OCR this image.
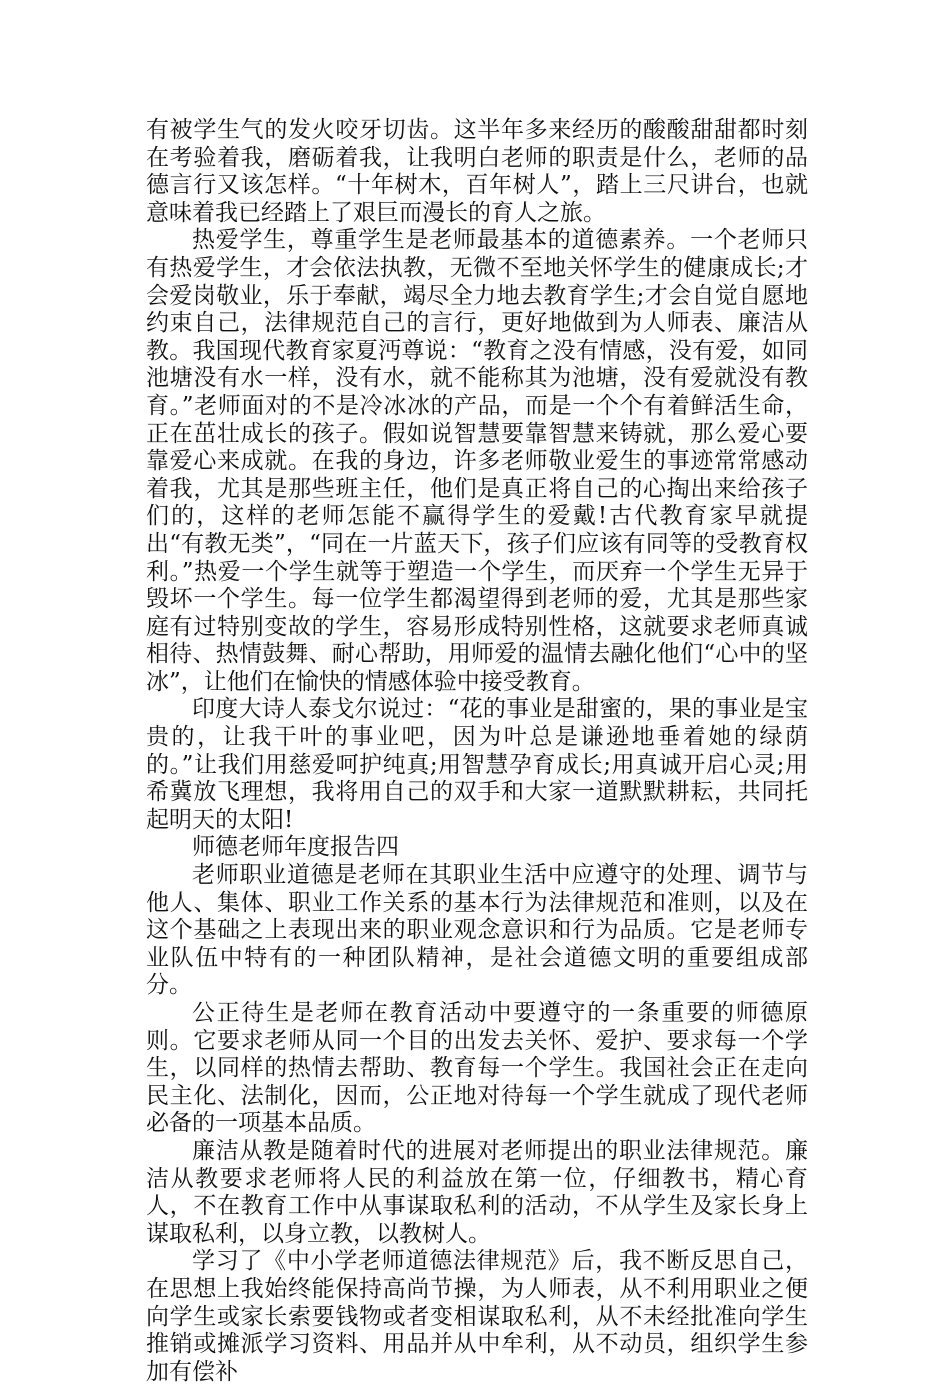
有被学生气的发火咬牙切齿。这半年多来经历的酸酸甜甜都时刻在考验着我，磨砺着我，让我明白老师的职责是什么，老师的品德言行又该怎样。“十年树木，百年树人”，踏上三尺讲台，也就意味着我已经踏上了艰巨而漫长的育人之旅。

热爱学生，尊重学生是老师最基本的道德素养。一个老师只有热爱学生，才会依法执教，无微不至地关怀学生的健康成长;才会爱岗敬业，乐于奉献，竭尽全力地去教育学生;才会自觉自愿地约束自己，法律规范自己的言行，更好地做到为人师表、廉洁从教。我国现代教育家夏沔尊说：“教育之没有情感，没有爱，如同池塘没有水一样，没有水，就不能称其为池塘，没有爱就没有教育。”老师面对的不是冷冰冰的产品，而是一个个有着鲜活生命，正在茁壮成长的孩子。假如说智慧要靠智慧来铸就，那么爱心要靠爱心来成就。在我的身边，许多老师敬业爱生的事迹常常感动着我，尤其是那些班主任，他们是真正将自己的心掏出来给孩子们的，这样的老师怎能不赢得学生的爱戴!古代教育家早就提出“有教无类”，“同在一片蓝天下，孩子们应该有同等的受教育权利。”热爱一个学生就等于塑造一个学生，而厌弃一个学生无异于毁坏一个学生。每一位学生都渴望得到老师的爱，尤其是那些家庭有过特别变故的学生，容易形成特别性格，这就要求老师真诚相待、热情鼓舞、耐心帮助，用师爱的温情去融化他们“心中的坚冰”，让他们在愉快的情感体验中接受教育。

印度大诗人泰戈尔说过：“花的事业是甜蜜的，果的事业是宝贵的，让我干叶的事业吧，因为叶总是谦逊地垂着她的绿荫的。”让我们用慈爱呵护纯真;用智慧孕育成长;用真诚开启心灵;用希冀放飞理想，我将用自己的双手和大家一道默默耕耘，共同托起明天的太阳!

师德老师年度报告四

老师职业道德是老师在其职业生活中应遵守的处理、调节与他人、集体、职业工作关系的基本行为法律规范和准则，以及在这个基础之上表现出来的职业观念意识和行为品质。它是老师专业队伍中特有的一种团队精神，是社会道德文明的重要组成部分。

公正待生是老师在教育活动中要遵守的一条重要的师德原则。它要求老师从同一个目的出发去关怀、爱护、要求每一个学生，以同样的热情去帮助、教育每一个学生。我国社会正在走向民主化、法制化，因而，公正地对待每一个学生就成了现代老师必备的一项基本品质。

廉洁从教是随着时代的进展对老师提出的职业法律规范。廉洁从教要求老师将人民的利益放在第一位，仔细教书，精心育人，不在教育工作中从事谋取私利的活动，不从学生及家长身上谋取私利，以身立教，以教树人。

学习了《中小学老师道德法律规范》后，我不断反思自己，在思想上我始终能保持高尚节操，为人师表，从不利用职业之便向学生或家长索要钱物或者变相谋取私利，从不未经批准向学生推销或摊派学习资料、用品并从中牟利，从不动员，组织学生参加有偿补
